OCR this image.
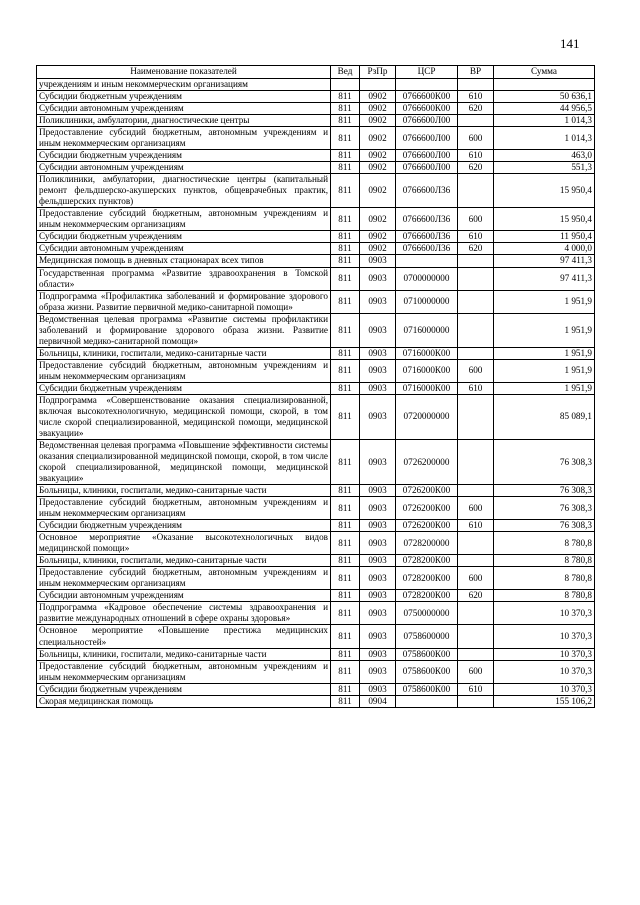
141
Наименование показателей	Вед	РзПр	ЦСР	ВР	Сумма
учреждениям и иным некоммерческим организациям					
Субсидии бюджетным учреждениям	811	0902	0766600К00	610	50 636,1
Субсидии автономным учреждениям	811	0902	0766600К00	620	44 956,5
Поликлиники, амбулатории, диагностические центры	811	0902	0766600Л00		1 014,3
Предоставление субсидий бюджетным, автономным учреждениям и иным некоммерческим организациям	811	0902	0766600Л00	600	1 014,3
Субсидии бюджетным учреждениям	811	0902	0766600Л00	610	463,0
Субсидии автономным учреждениям	811	0902	0766600Л00	620	551,3
Поликлиники, амбулатории, диагностические центры (капитальный ремонт фельдшерско-акушерских пунктов, общеврачебных практик, фельдшерских пунктов)	811	0902	0766600Л36		15 950,4
Предоставление субсидий бюджетным, автономным учреждениям и иным некоммерческим организациям	811	0902	0766600Л36	600	15 950,4
Субсидии бюджетным учреждениям	811	0902	0766600Л36	610	11 950,4
Субсидии автономным учреждениям	811	0902	0766600Л36	620	4 000,0
Медицинская помощь в дневных стационарах всех типов	811	0903			97 411,3
Государственная программа «Развитие здравоохранения в Томской области»	811	0903	0700000000		97 411,3
Подпрограмма «Профилактика заболеваний и формирование здорового образа жизни. Развитие первичной медико-санитарной помощи»	811	0903	0710000000		1 951,9
Ведомственная целевая программа «Развитие системы профилактики заболеваний и формирование здорового образа жизни. Развитие первичной медико-санитарной помощи»	811	0903	0716000000		1 951,9
Больницы, клиники, госпитали, медико-санитарные части	811	0903	0716000К00		1 951,9
Предоставление субсидий бюджетным, автономным учреждениям и иным некоммерческим организациям	811	0903	0716000К00	600	1 951,9
Субсидии бюджетным учреждениям	811	0903	0716000К00	610	1 951,9
Подпрограмма «Совершенствование оказания специализированной, включая высокотехнологичную, медицинской помощи, скорой, в том числе скорой специализированной, медицинской помощи, медицинской эвакуации»	811	0903	0720000000		85 089,1
Ведомственная целевая программа «Повышение эффективности системы оказания специализированной медицинской помощи, скорой, в том числе скорой специализированной, медицинской помощи, медицинской эвакуации»	811	0903	0726200000		76 308,3
Больницы, клиники, госпитали, медико-санитарные части	811	0903	0726200К00		76 308,3
Предоставление субсидий бюджетным, автономным учреждениям и иным некоммерческим организациям	811	0903	0726200К00	600	76 308,3
Субсидии бюджетным учреждениям	811	0903	0726200К00	610	76 308,3
Основное мероприятие «Оказание высокотехнологичных видов медицинской помощи»	811	0903	0728200000		8 780,8
Больницы, клиники, госпитали, медико-санитарные части	811	0903	0728200К00		8 780,8
Предоставление субсидий бюджетным, автономным учреждениям и иным некоммерческим организациям	811	0903	0728200К00	600	8 780,8
Субсидии автономным учреждениям	811	0903	0728200К00	620	8 780,8
Подпрограмма «Кадровое обеспечение системы здравоохранения и развитие международных отношений в сфере охраны здоровья»	811	0903	0750000000		10 370,3
Основное мероприятие «Повышение престижа медицинских специальностей»	811	0903	0758600000		10 370,3
Больницы, клиники, госпитали, медико-санитарные части	811	0903	0758600К00		10 370,3
Предоставление субсидий бюджетным, автономным учреждениям и иным некоммерческим организациям	811	0903	0758600К00	600	10 370,3
Субсидии бюджетным учреждениям	811	0903	0758600К00	610	10 370,3
Скорая медицинская помощь	811	0904			155 106,2
